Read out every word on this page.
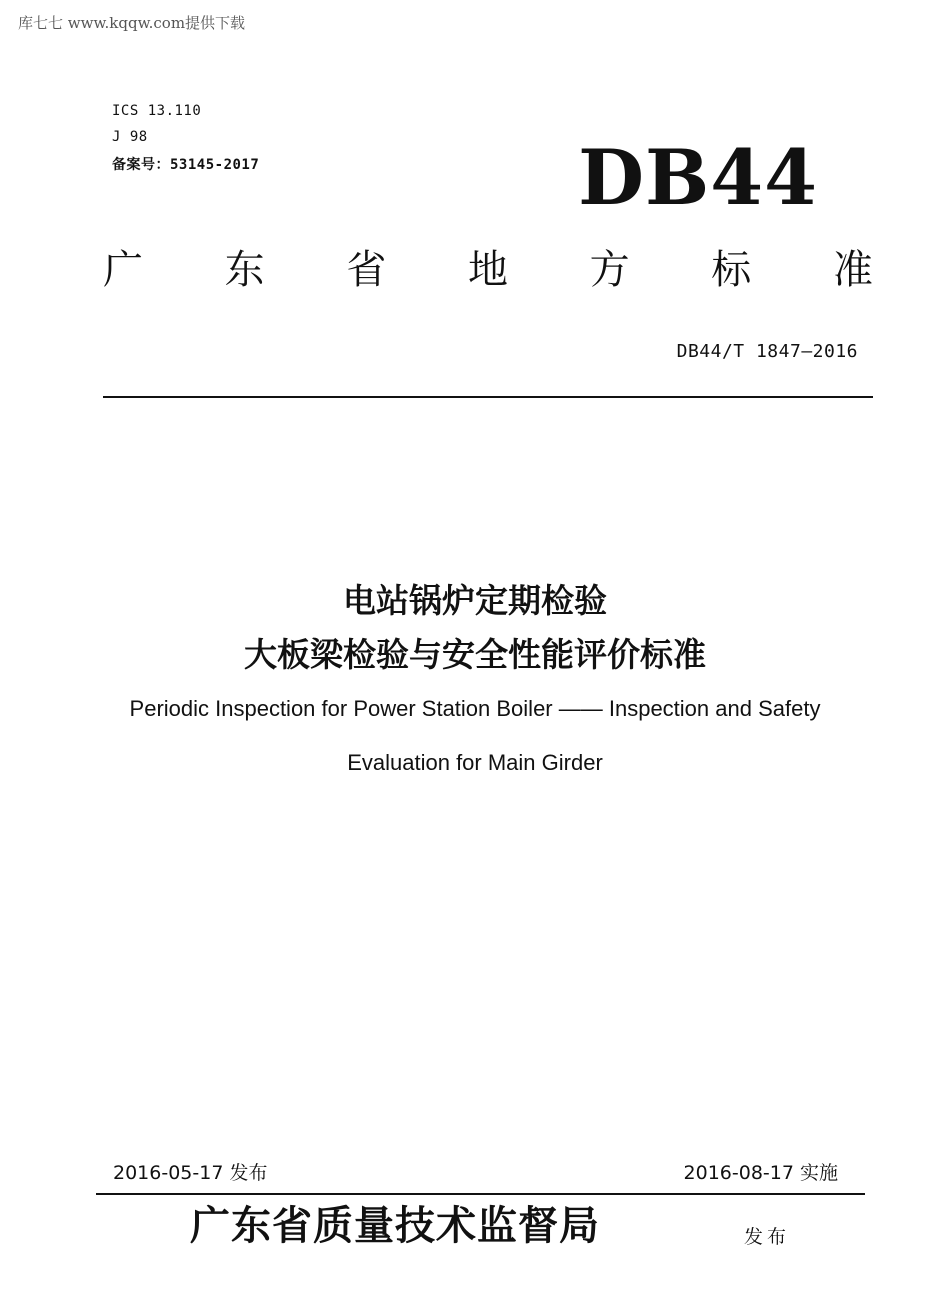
库七七 www.kqqw.com提供下载
ICS 13.110
J 98
备案号：53145-2017	DB44
广 东 省 地 方 标 准
DB44/T 1847—2016
电站锅炉定期检验
大板梁检验与安全性能评价标准
Periodic Inspection for Power Station Boiler —— Inspection and Safety
Evaluation for Main Girder
2016-05-17 发布	2016-08-17 实施
广东省质量技术监督局	发布
